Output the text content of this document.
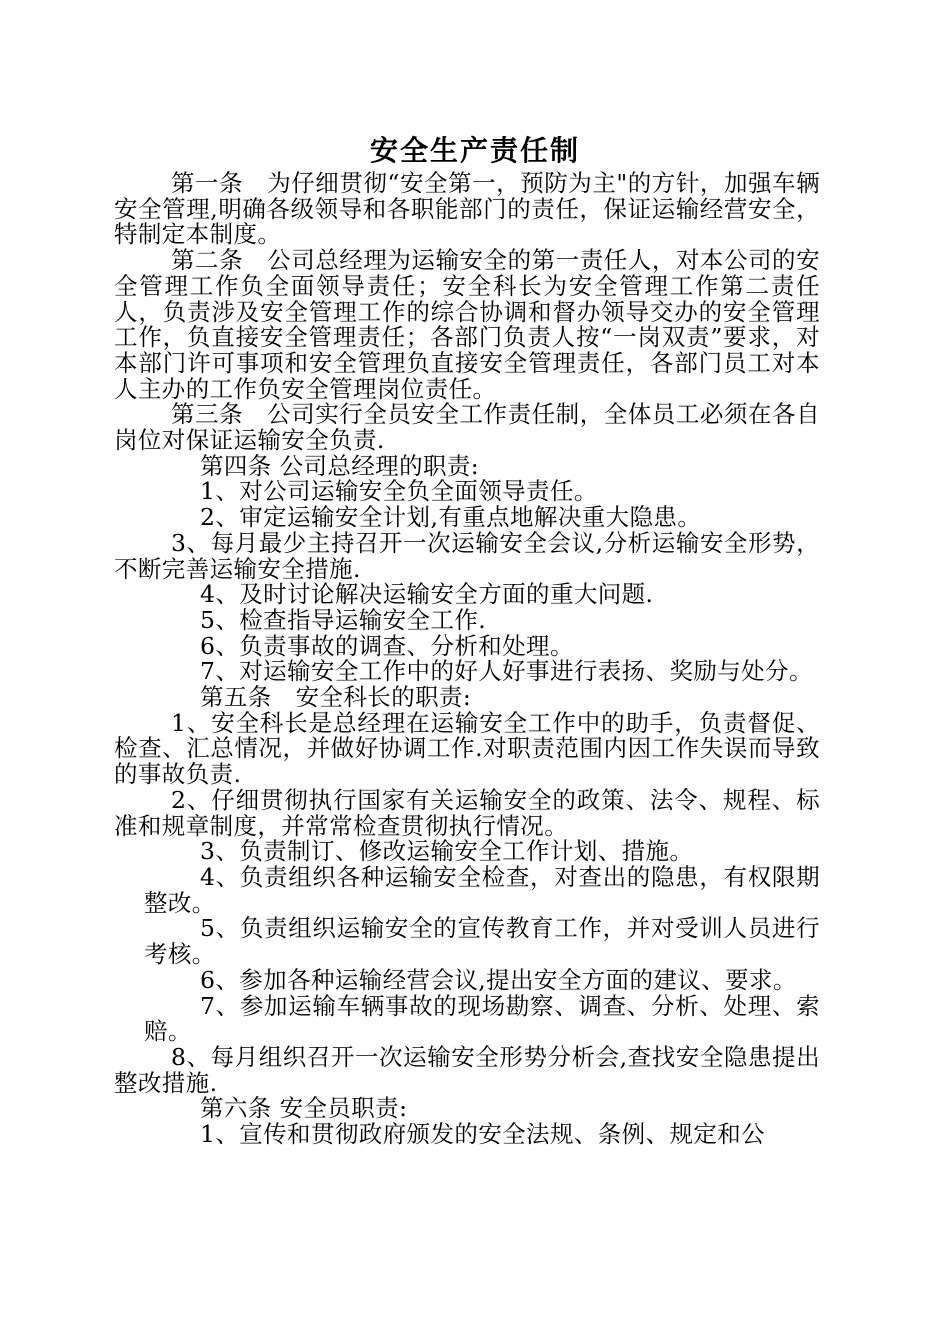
安全生产责任制

第一条　为仔细贯彻“安全第一，预防为主"的方针，加强车辆安全管理,明确各级领导和各职能部门的责任，保证运输经营安全，特制定本制度。

第二条　公司总经理为运输安全的第一责任人，对本公司的安全管理工作负全面领导责任；安全科长为安全管理工作第二责任人，负责涉及安全管理工作的综合协调和督办领导交办的安全管理工作，负直接安全管理责任；各部门负责人按“一岗双责”要求，对本部门许可事项和安全管理负直接安全管理责任，各部门员工对本人主办的工作负安全管理岗位责任。

第三条　公司实行全员安全工作责任制，全体员工必须在各自岗位对保证运输安全负责.

第四条 公司总经理的职责:

1、对公司运输安全负全面领导责任。

2、审定运输安全计划,有重点地解决重大隐患。

3、每月最少主持召开一次运输安全会议,分析运输安全形势，不断完善运输安全措施.

4、及时讨论解决运输安全方面的重大问题.

5、检查指导运输安全工作.

6、负责事故的调查、分析和处理。

7、对运输安全工作中的好人好事进行表扬、奖励与处分。

第五条　安全科长的职责:

1、安全科长是总经理在运输安全工作中的助手，负责督促、检查、汇总情况，并做好协调工作.对职责范围内因工作失误而导致的事故负责.

2、仔细贯彻执行国家有关运输安全的政策、法令、规程、标准和规章制度，并常常检查贯彻执行情况。

3、负责制订、修改运输安全工作计划、措施。

4、负责组织各种运输安全检查，对查出的隐患，有权限期整改。

5、负责组织运输安全的宣传教育工作，并对受训人员进行考核。

6、参加各种运输经营会议,提出安全方面的建议、要求。

7、参加运输车辆事故的现场勘察、调查、分析、处理、索赔。

8、每月组织召开一次运输安全形势分析会,查找安全隐患提出整改措施.

第六条 安全员职责:

1、宣传和贯彻政府颁发的安全法规、条例、规定和公
